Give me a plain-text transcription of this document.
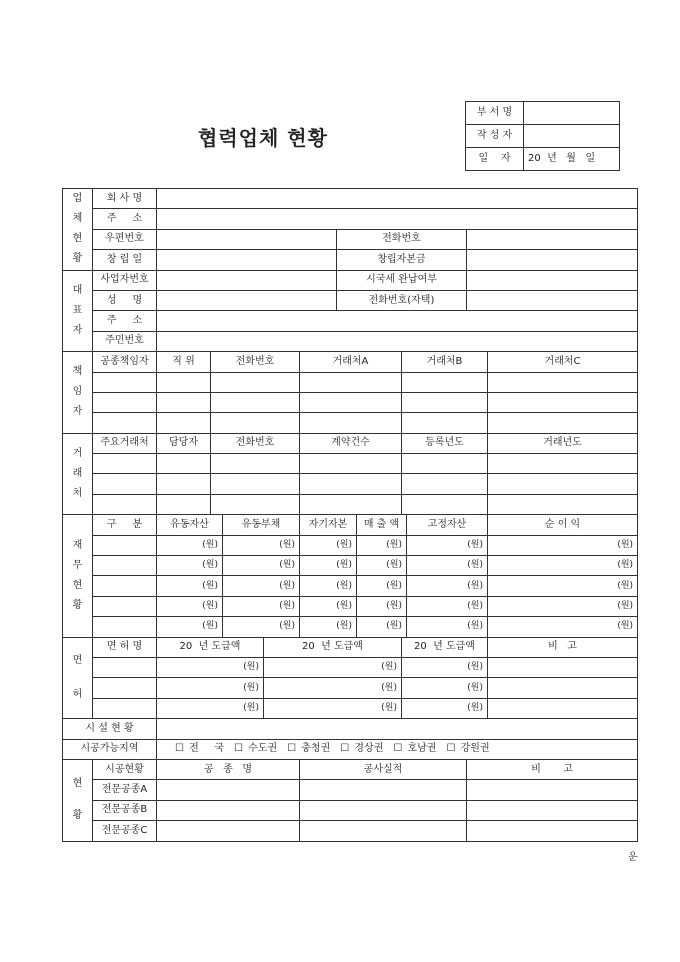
협력업체 현황
부 서 명	
작 성 자	
일    자	20  년   월   일
업
체
현
황	회 사 명											
	주     소											
	우편번호						전화번호					
	창 립 일						창립자본금					

대
표
자	사업자번호						시국세 완납여부					
	성     명						전화번호(자택)					
	주     소											
	주민번호											

책
임
자	공종책임자	직 위	전화번호			거래처A			거래처B			거래처C

거
래
처	주요거래처	담당자	전화번호			계약건수			등록년도			거래년도

재
무
현
황	구     분	유동자산		유동부채		자기자본		매 출 액		고정자산		순 이 익
		(원)		(원)		(원)		(원)		(원)		(원)
		(원)		(원)		(원)		(원)		(원)		(원)
		(원)		(원)		(원)		(원)		(원)		(원)
		(원)		(원)		(원)		(원)		(원)		(원)
		(원)		(원)		(원)		(원)		(원)		(원)

면
허	면 허 명	20  년 도급액			20  년 도급액				20  년 도급액			비   고
		(원)			(원)				(원)			
		(원)			(원)				(원)			
		(원)			(원)				(원)			
시 설 현 황												
시공가능지역		☐ 전   국 ☐ 수도권 ☐ 충청권 ☐ 경상권 ☐ 호남권 ☐ 강원권										

현
황	시공현황	공   종   명				공사실적					비       고	
	전문공종A											
	전문공종B											
	전문공종C											
운
